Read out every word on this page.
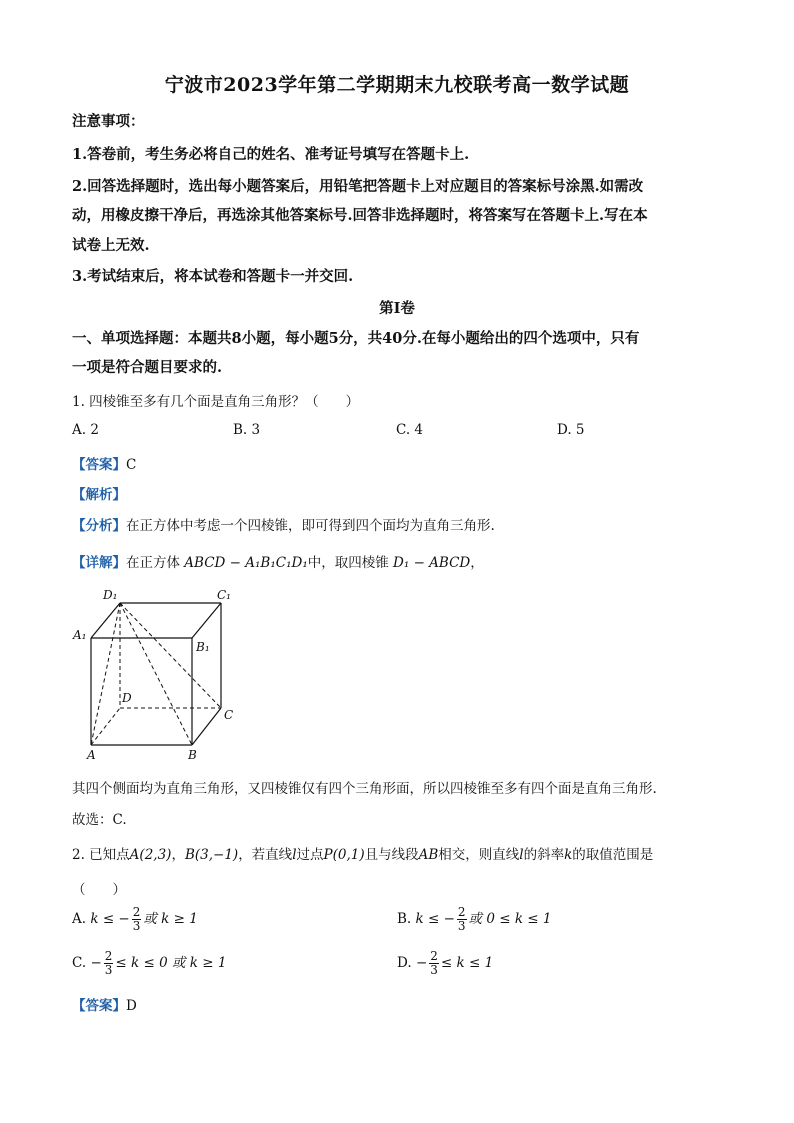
宁波市2023学年第二学期期末九校联考高一数学试题
注意事项：
1.答卷前，考生务必将自己的姓名、准考证号填写在答题卡上.
2.回答选择题时，选出每小题答案后，用铅笔把答题卡上对应题目的答案标号涂黑.如需改
动，用橡皮擦干净后，再选涂其他答案标号.回答非选择题时，将答案写在答题卡上.写在本
试卷上无效.
3.考试结束后，将本试卷和答题卡一并交回.
第Ⅰ卷
一、单项选择题：本题共8小题，每小题5分，共40分.在每小题给出的四个选项中，只有
一项是符合题目要求的.
1. 四棱锥至多有几个面是直角三角形？（　　）
A. 2	B. 3	C. 4	D. 5
【答案】C
【解析】
【分析】在正方体中考虑一个四棱锥，即可得到四个面均为直角三角形.
【详解】在正方体 ABCD − A₁B₁C₁D₁中，取四棱锥 D₁ − ABCD，
D₁	C₁
A₁
B₁
D
C
A	B
其四个侧面均为直角三角形，又四棱锥仅有四个三角形面，所以四棱锥至多有四个面是直角三角形.
故选：C.
2. 已知点A(2,3)，B(3,−1)，若直线l过点P(0,1)且与线段AB相交，则直线l的斜率k的取值范围是
（　　）
A. k ≤ − $\frac{2}{3}$ 或 k ≥ 1	B. k ≤ − $\frac{2}{3}$ 或 0 ≤ k ≤ 1
C. − $\frac{2}{3} \le k \le 0$ 或 k ≥ 1	D. − $\frac{2}{3} \le k \le 1$
【答案】D
